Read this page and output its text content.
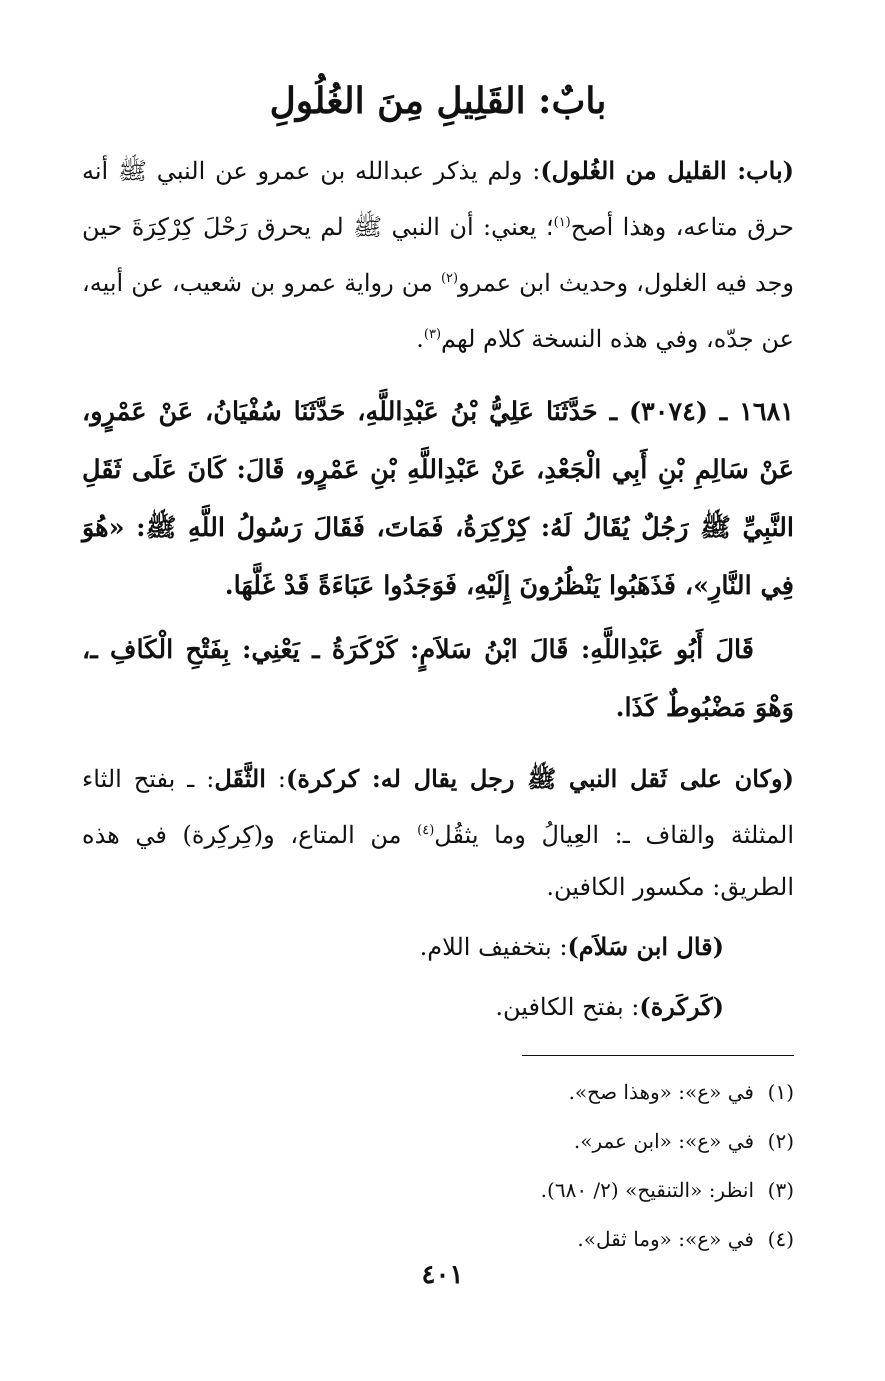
بابٌ: القَلِيلِ مِنَ الغُلُولِ

(باب: القليل من الغُلول): ولم يذكر عبدالله بن عمرو عن النبي ﷺ أنه حرق متاعه، وهذا أصح$^{(١)}$؛ يعني: أن النبي ﷺ لم يحرق رَحْلَ كِرْكِرَةَ حين وجد فيه الغلول، وحديث ابن عمرو$^{(٢)}$ من رواية عمرو بن شعيب، عن أبيه، عن جدّه، وفي هذه النسخة كلام لهم$^{(٣)}$.

١٦٨١ ـ (٣٠٧٤) ـ حَدَّثَنَا عَلِيُّ بْنُ عَبْدِاللَّهِ، حَدَّثَنَا سُفْيَانُ، عَنْ عَمْرٍو، عَنْ سَالِمِ بْنِ أَبِي الْجَعْدِ، عَنْ عَبْدِاللَّهِ بْنِ عَمْرٍو، قَالَ: كَانَ عَلَى ثَقَلِ النَّبِيِّ ﷺ رَجُلٌ يُقَالُ لَهُ: كِرْكِرَةُ، فَمَاتَ، فَقَالَ رَسُولُ اللَّهِ ﷺ: «هُوَ فِي النَّارِ»، فَذَهَبُوا يَنْظُرُونَ إِلَيْهِ، فَوَجَدُوا عَبَاءَةً قَدْ غَلَّهَا.

قَالَ أَبُو عَبْدِاللَّهِ: قَالَ ابْنُ سَلاَمٍ: كَرْكَرَةُ ـ يَعْنِي: بِفَتْحِ الْكَافِ ـ، وَهْوَ مَضْبُوطٌ كَذَا.

(وكان على ثَقل النبي ﷺ رجل يقال له: كركرة): الثَّقَل: ـ بفتح الثاء المثلثة والقاف ـ: العِيالُ وما يثقُل$^{(٤)}$ من المتاع، و(كِركِرة) في هذه الطريق: مكسور الكافين.

(قال ابن سَلاَم): بتخفيف اللام.

(كَركَرة): بفتح الكافين.

(١)في «ع»: «وهذا صح».

(٢)في «ع»: «ابن عمر».

(٣)انظر: «التنقيح» (٢/ ٦٨٠).

(٤)في «ع»: «وما ثقل».

٤٠١
